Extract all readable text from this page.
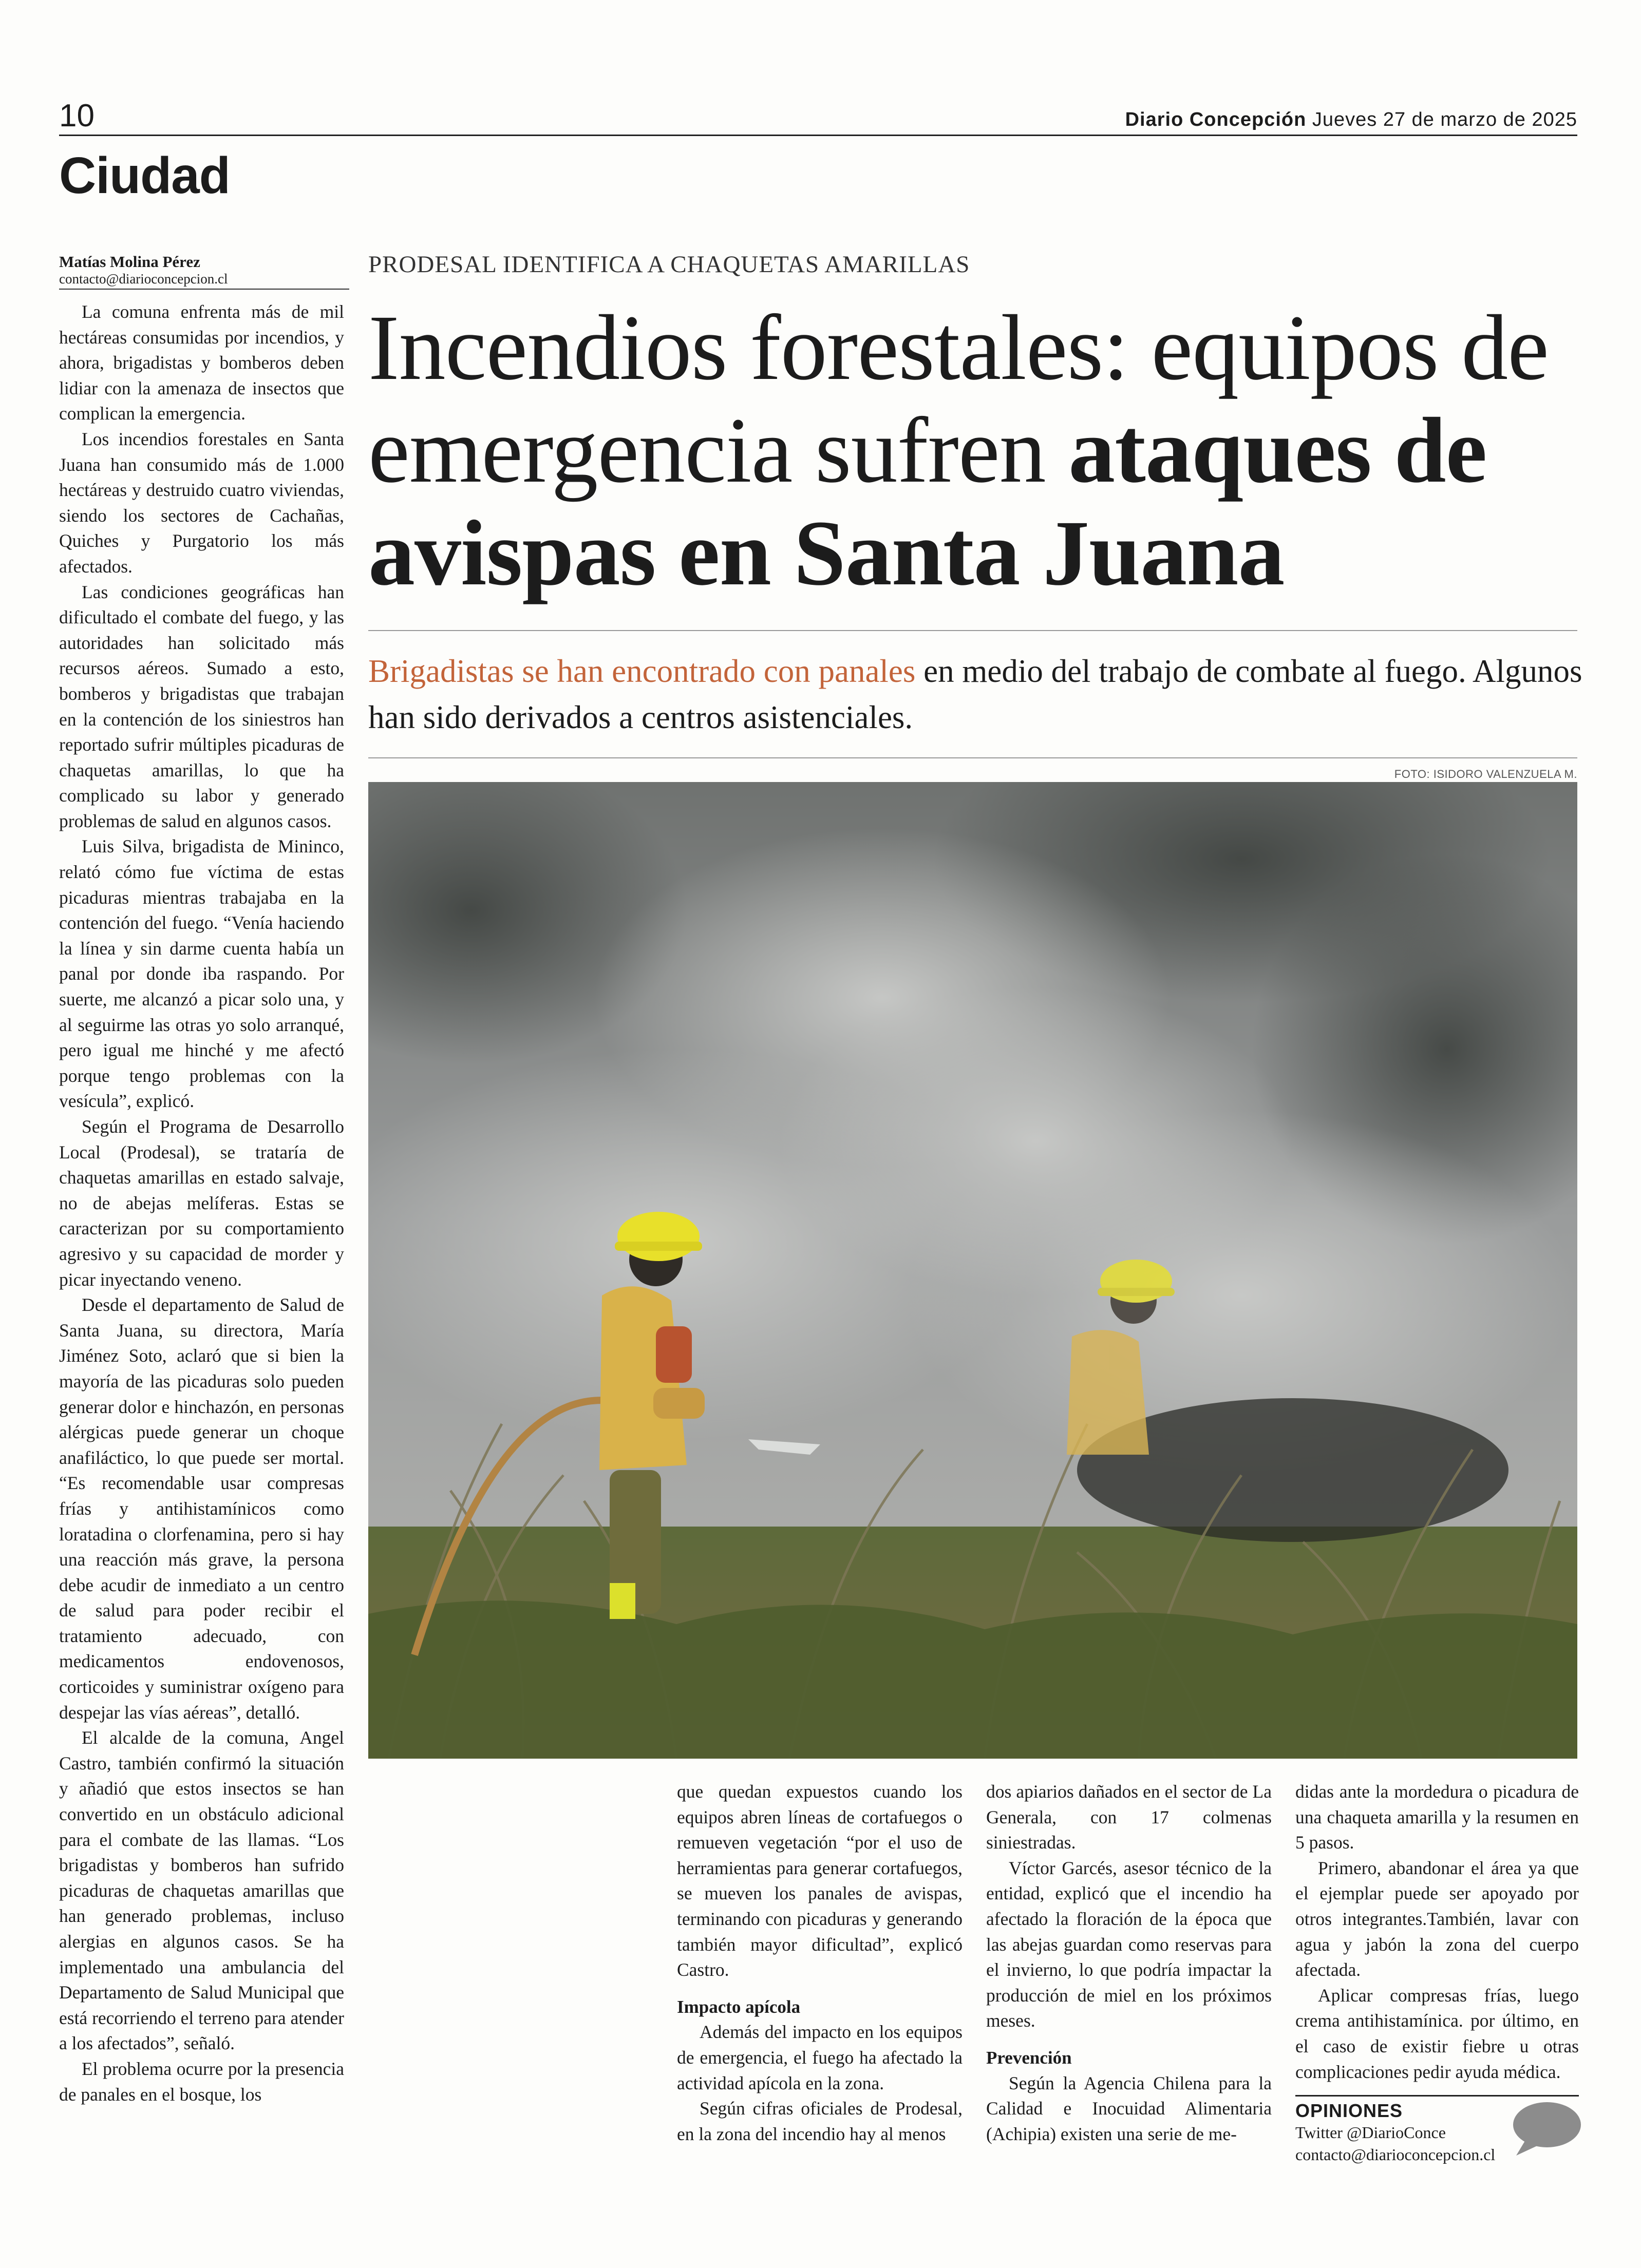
10	Diario Concepción Jueves 27 de marzo de 2025
Ciudad
Matías Molina Pérez
contacto@diarioconcepcion.cl

La comuna enfrenta más de mil hectáreas consumidas por incendios, y ahora, brigadistas y bomberos deben lidiar con la amenaza de insectos que complican la emergencia.

Los incendios forestales en Santa Juana han consumido más de 1.000 hectáreas y destruido cuatro viviendas, siendo los sectores de Cachañas, Quiches y Purgatorio los más afectados.

Las condiciones geográficas han dificultado el combate del fuego, y las autoridades han solicitado más recursos aéreos. Sumado a esto, bomberos y brigadistas que trabajan en la contención de los siniestros han reportado sufrir múltiples picaduras de chaquetas amarillas, lo que ha complicado su labor y generado problemas de salud en algunos casos.

Luis Silva, brigadista de Mininco, relató cómo fue víctima de estas picaduras mientras trabajaba en la contención del fuego. “Venía haciendo la línea y sin darme cuenta había un panal por donde iba raspando. Por suerte, me alcanzó a picar solo una, y al seguirme las otras yo solo arranqué, pero igual me hinché y me afectó porque tengo problemas con la vesícula”, explicó.

Según el Programa de Desarrollo Local (Prodesal), se trataría de chaquetas amarillas en estado salvaje, no de abejas melíferas. Estas se caracterizan por su comportamiento agresivo y su capacidad de morder y picar inyectando veneno.

Desde el departamento de Salud de Santa Juana, su directora, María Jiménez Soto, aclaró que si bien la mayoría de las picaduras solo pueden generar dolor e hinchazón, en personas alérgicas puede generar un choque anafiláctico, lo que puede ser mortal. “Es recomendable usar compresas frías y antihistamínicos como loratadina o clorfenamina, pero si hay una reacción más grave, la persona debe acudir de inmediato a un centro de salud para poder recibir el tratamiento adecuado, con medicamentos endovenosos, corticoides y suministrar oxígeno para despejar las vías aéreas”, detalló.

El alcalde de la comuna, Angel Castro, también confirmó la situación y añadió que estos insectos se han convertido en un obstáculo adicional para el combate de las llamas. “Los brigadistas y bomberos han sufrido picaduras de chaquetas amarillas que han generado problemas, incluso alergias en algunos casos. Se ha implementado una ambulancia del Departamento de Salud Municipal que está recorriendo el terreno para atender a los afectados”, señaló.

El problema ocurre por la presencia de panales en el bosque, los

PRODESAL IDENTIFICA A CHAQUETAS AMARILLAS
Incendios forestales: equipos de emergencia sufren ataques de avispas en Santa Juana
Brigadistas se han encontrado con panales en medio del trabajo de combate al fuego. Algunos han sido derivados a centros asistenciales.
FOTO: ISIDORO VALENZUELA M.

que quedan expuestos cuando los equipos abren líneas de cortafuegos o remueven vegetación “por el uso de herramientas para generar cortafuegos, se mueven los panales de avispas, terminando con picaduras y generando también mayor dificultad”, explicó Castro.

Impacto apícola

Además del impacto en los equipos de emergencia, el fuego ha afectado la actividad apícola en la zona.

Según cifras oficiales de Prodesal, en la zona del incendio hay al menos

dos apiarios dañados en el sector de La Generala, con 17 colmenas siniestradas.

Víctor Garcés, asesor técnico de la entidad, explicó que el incendio ha afectado la floración de la época que las abejas guardan como reservas para el invierno, lo que podría impactar la producción de miel en los próximos meses.

Prevención

Según la Agencia Chilena para la Calidad e Inocuidad Alimentaria (Achipia) existen una serie de me-

didas ante la mordedura o picadura de una chaqueta amarilla y la resumen en 5 pasos.

Primero, abandonar el área ya que el ejemplar puede ser apoyado por otros integrantes.También, lavar con agua y jabón la zona del cuerpo afectada.

Aplicar compresas frías, luego crema antihistamínica. por último, en el caso de existir fiebre u otras complicaciones pedir ayuda médica.

OPINIONES
Twitter @DiarioConce
contacto@diarioconcepcion.cl
